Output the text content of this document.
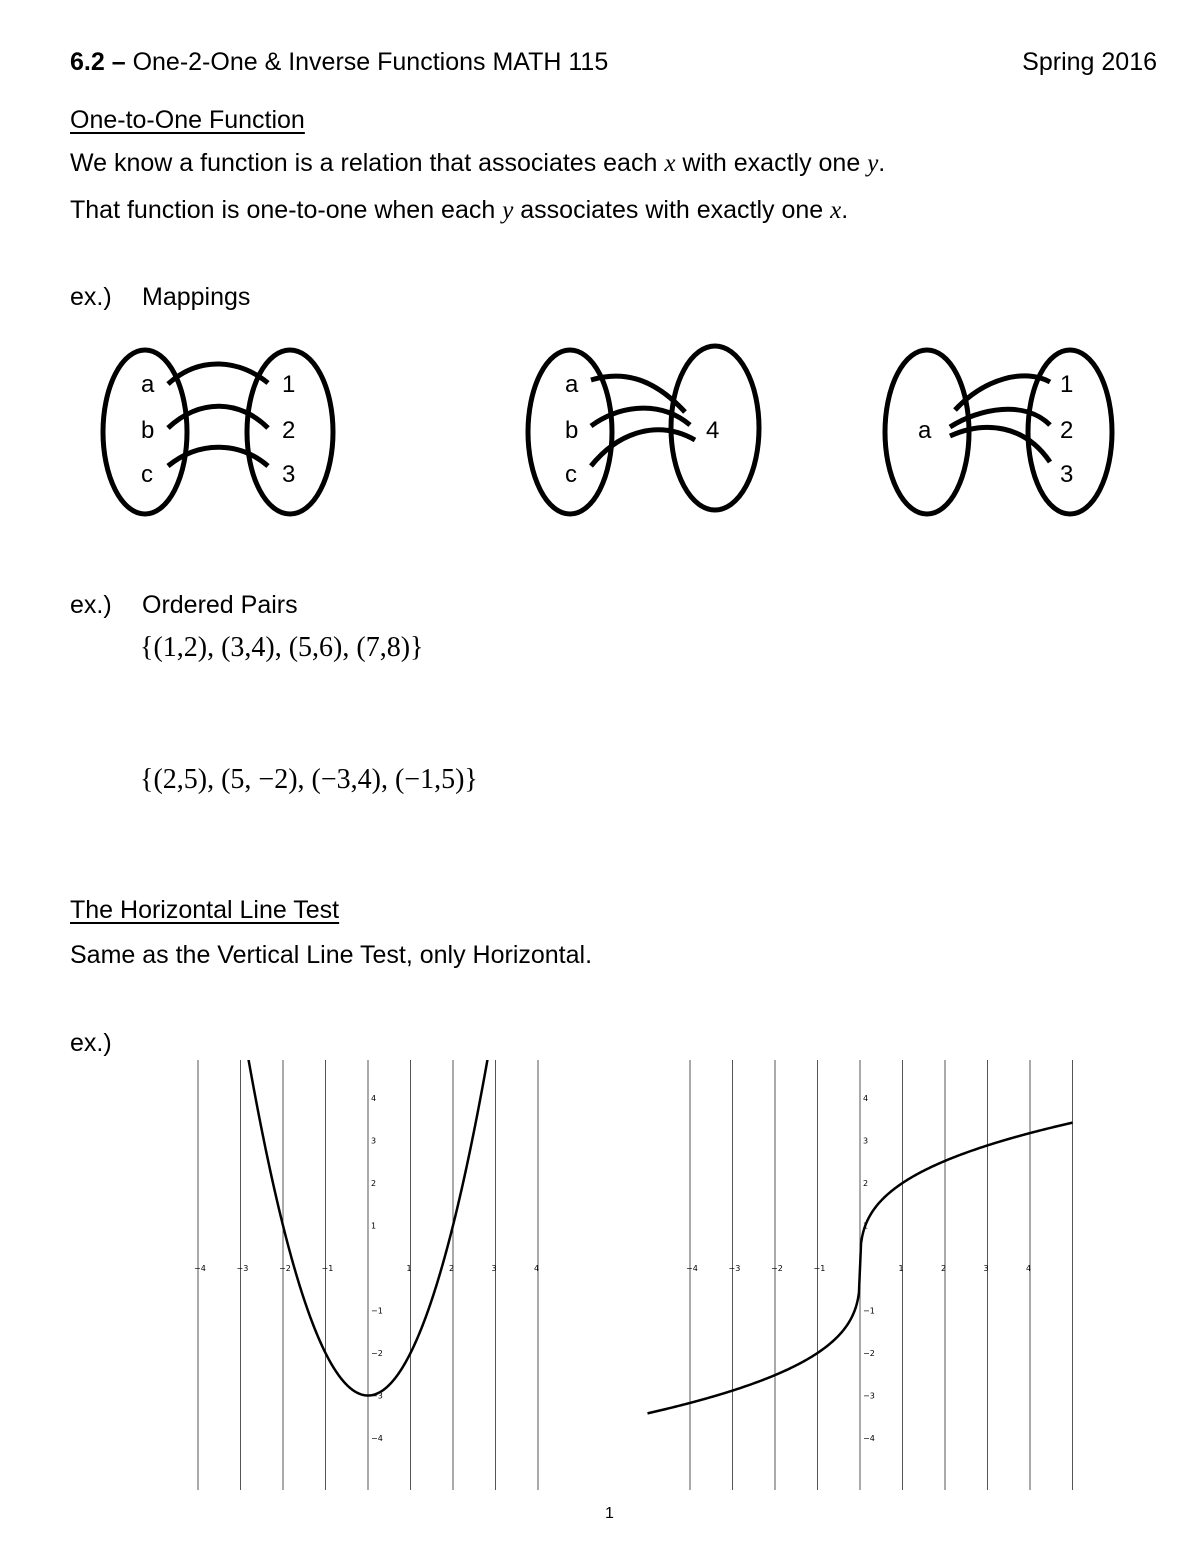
6.2 – One-2-One & Inverse Functions MATH 115	Spring 2016
One-to-One Function
We know a function is a relation that associates each x with exactly one y.
That function is one-to-one when each y associates with exactly one x.
ex.) Mappings
a
b
c
1
2
3
a
b
c
4	a
1
2
3
ex.) Ordered Pairs
{(1,2), (3,4), (5,6), (7,8)}
{(2,5), (5, −2), (−3,4), (−1,5)}
The Horizontal Line Test
Same as the Vertical Line Test, only Horizontal.
ex.)
−4	−3	−2	−1	1	2	3	4
4
3
2
1
−1
−2
−3
−4
−4	−3	−2	−1	1	2	3	4
4
3
2
1
−1
−2
−3
−4
1
